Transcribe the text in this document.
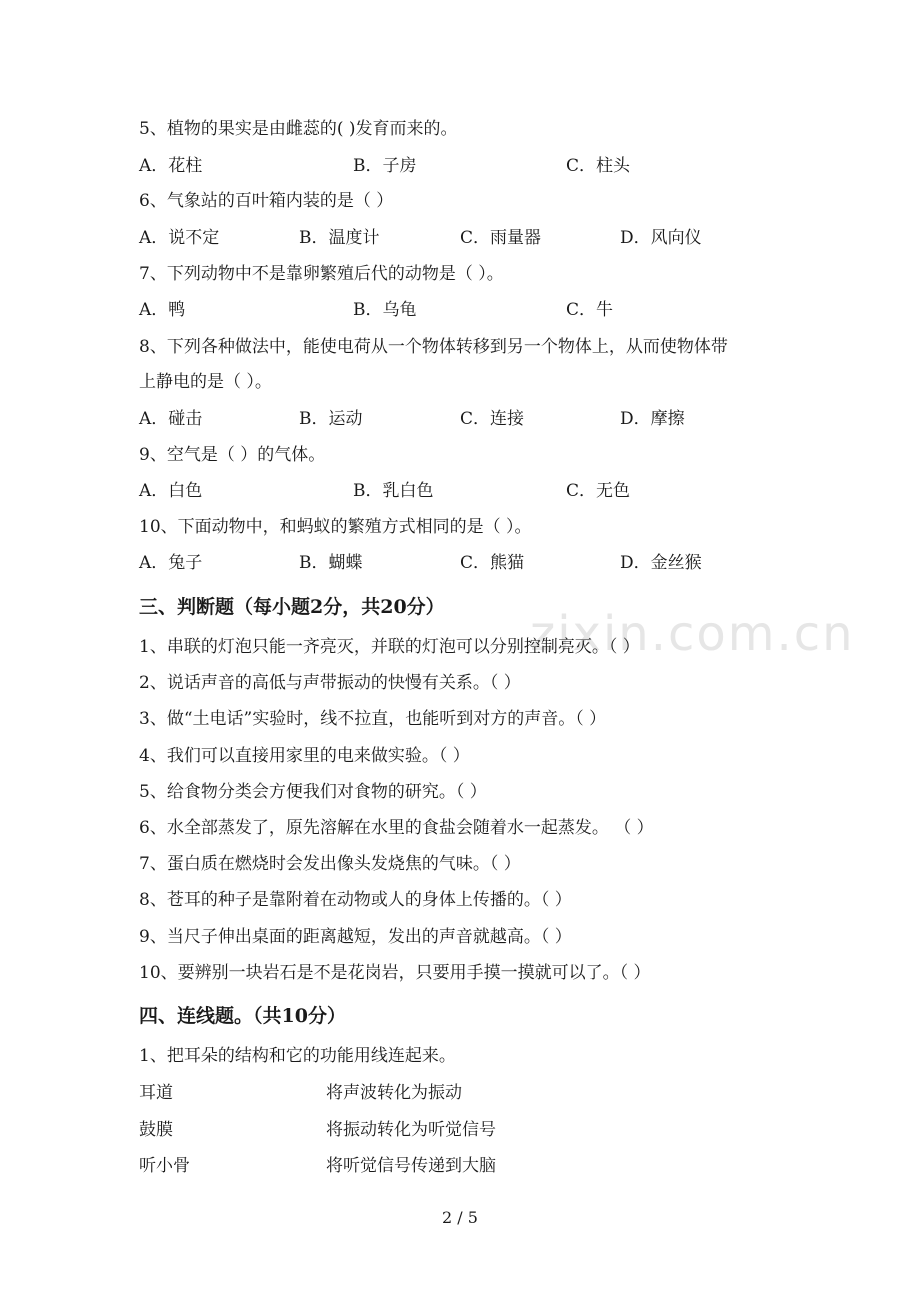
zixin.com.cn
5、植物的果实是由雌蕊的( )发育而来的。
A．花柱	B．子房	C．柱头
6、气象站的百叶箱内装的是（ ）
A．说不定	B．温度计	C．雨量器	D．风向仪
7、下列动物中不是靠卵繁殖后代的动物是（ ）。
A．鸭	B．乌龟	C．牛
8、下列各种做法中，能使电荷从一个物体转移到另一个物体上，从而使物体带
上静电的是（ ）。
A．碰击	B．运动	C．连接	D．摩擦
9、空气是（ ）的气体。
A．白色	B．乳白色	C．无色
10、下面动物中，和蚂蚁的繁殖方式相同的是（ ）。
A．兔子	B．蝴蝶	C．熊猫	D．金丝猴
三、判断题（每小题2分，共20分）
1、串联的灯泡只能一齐亮灭，并联的灯泡可以分别控制亮灭。（ ）
2、说话声音的高低与声带振动的快慢有关系。（ ）
3、做“土电话”实验时，线不拉直，也能听到对方的声音。（ ）
4、我们可以直接用家里的电来做实验。（ ）
5、给食物分类会方便我们对食物的研究。（ ）
6、水全部蒸发了，原先溶解在水里的食盐会随着水一起蒸发。 （ ）
7、蛋白质在燃烧时会发出像头发烧焦的气味。（ ）
8、苍耳的种子是靠附着在动物或人的身体上传播的。（ ）
9、当尺子伸出桌面的距离越短，发出的声音就越高。（ ）
10、要辨别一块岩石是不是花岗岩，只要用手摸一摸就可以了。（ ）
四、连线题。（共10分）
1、把耳朵的结构和它的功能用线连起来。
耳道	将声波转化为振动
鼓膜	将振动转化为听觉信号
听小骨	将听觉信号传递到大脑
2 / 5
